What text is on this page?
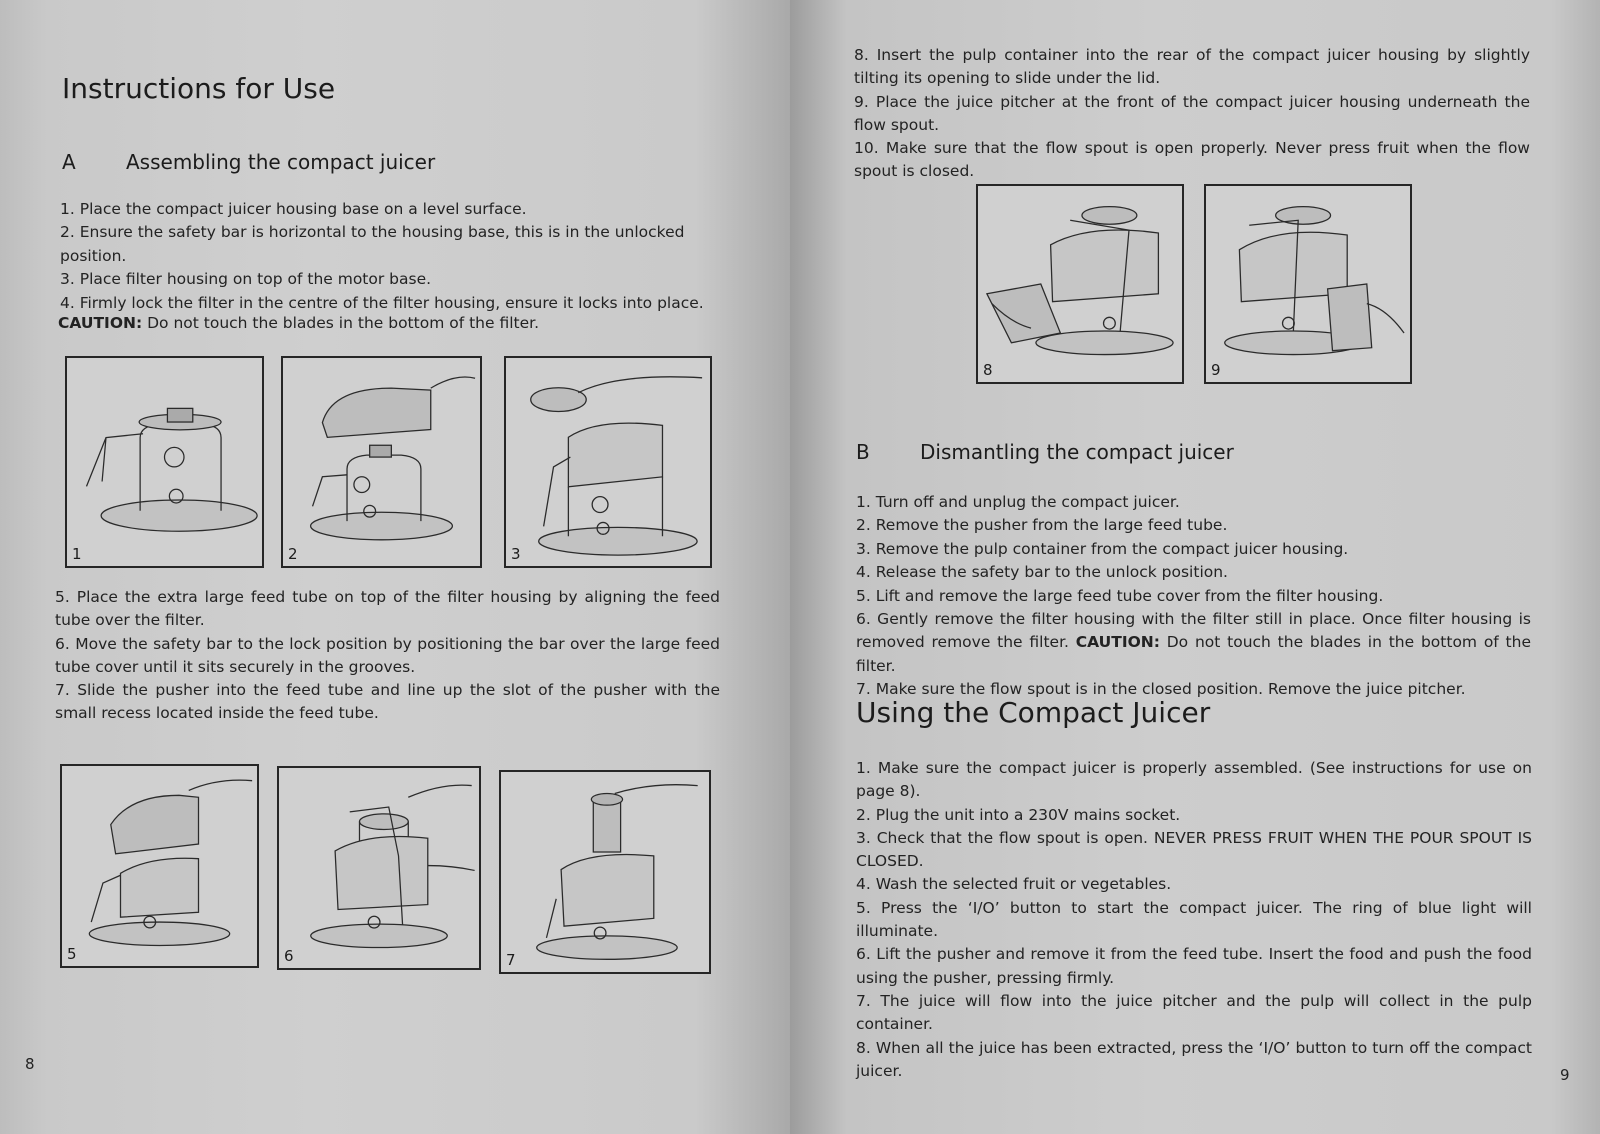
Instructions for Use
A	Assembling the compact juicer
1. Place the compact juicer housing base on a level surface.
2. Ensure the safety bar is horizontal to the housing base, this is in the unlocked position.
3. Place filter housing on top of the motor base.
4. Firmly lock the filter in the centre of the filter housing, ensure it locks into place.

CAUTION: Do not touch the blades in the bottom of the filter.

1	2	3

5. Place the extra large feed tube on top of the filter housing by aligning the feed tube over the filter.

6. Move the safety bar to the lock position by positioning the bar over the large feed tube cover until it sits securely in the grooves.

7. Slide the pusher into the feed tube and line up the slot of the pusher with the small recess located inside the feed tube.

5	6	7
8

8. Insert the pulp container into the rear of the compact juicer housing by slightly tilting its opening to slide under the lid.

9. Place the juice pitcher at the front of the compact juicer housing underneath the flow spout.

10. Make sure that the flow spout is open properly. Never press fruit when the flow spout is closed.

8	9
B	Dismantling the compact juicer
1. Turn off and unplug the compact juicer.
2. Remove the pusher from the large feed tube.
3. Remove the pulp container from the compact juicer housing.
4. Release the safety bar to the unlock position.
5. Lift and remove the large feed tube cover from the filter housing.

6. Gently remove the filter housing with the filter still in place. Once filter housing is removed remove the filter. CAUTION: Do not touch the blades in the bottom of the filter.

7. Make sure the flow spout is in the closed position. Remove the juice pitcher.

Using the Compact Juicer

1. Make sure the compact juicer is properly assembled. (See instructions for use on page 8).

2. Plug the unit into a 230V mains socket.

3. Check that the flow spout is open. NEVER PRESS FRUIT WHEN THE POUR SPOUT IS CLOSED.

4. Wash the selected fruit or vegetables.

5. Press the ‘I/O’ button to start the compact juicer. The ring of blue light will illuminate.

6. Lift the pusher and remove it from the feed tube. Insert the food and push the food using the pusher, pressing firmly.

7. The juice will flow into the juice pitcher and the pulp will collect in the pulp container.

8. When all the juice has been extracted, press the ‘I/O’ button to turn off the compact juicer.	9
